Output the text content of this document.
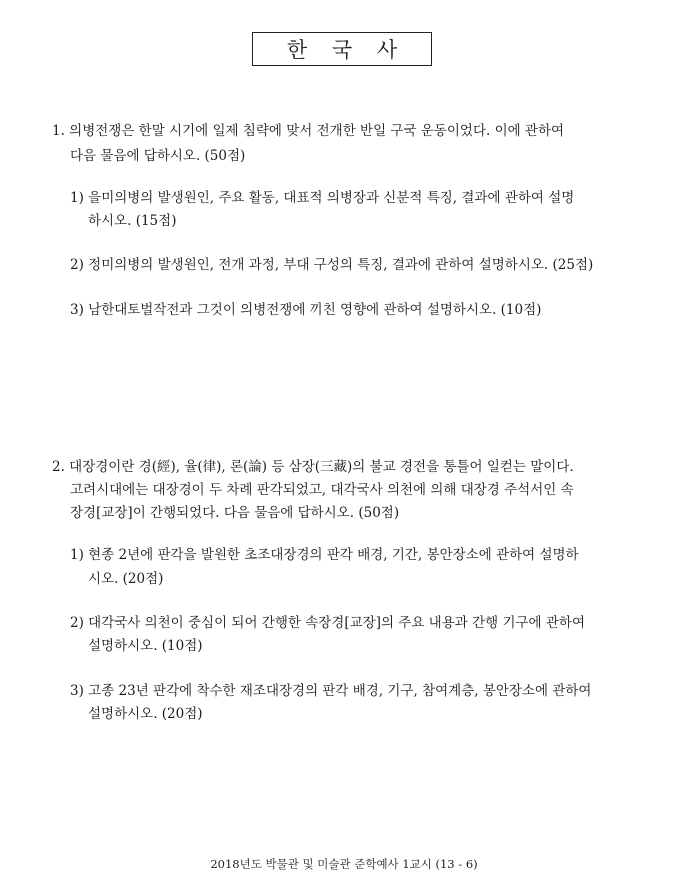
한 국 사
1. 의병전쟁은 한말 시기에 일제 침략에 맞서 전개한 반일 구국 운동이었다. 이에 관하여
다음 물음에 답하시오. (50점)
1) 을미의병의 발생원인, 주요 활동, 대표적 의병장과 신분적 특징, 결과에 관하여 설명
하시오. (15점)
2) 정미의병의 발생원인, 전개 과정, 부대 구성의 특징, 결과에 관하여 설명하시오. (25점)
3) 남한대토벌작전과 그것이 의병전쟁에 끼친 영향에 관하여 설명하시오. (10점)
2. 대장경이란 경(經), 율(律), 론(論) 등 삼장(三藏)의 불교 경전을 통틀어 일컫는 말이다.
고려시대에는 대장경이 두 차례 판각되었고, 대각국사 의천에 의해 대장경 주석서인 속
장경[교장]이 간행되었다. 다음 물음에 답하시오. (50점)
1) 현종 2년에 판각을 발원한 초조대장경의 판각 배경, 기간, 봉안장소에 관하여 설명하
시오. (20점)
2) 대각국사 의천이 중심이 되어 간행한 속장경[교장]의 주요 내용과 간행 기구에 관하여
설명하시오. (10점)
3) 고종 23년 판각에 착수한 재조대장경의 판각 배경, 기구, 참여계층, 봉안장소에 관하여
설명하시오. (20점)
2018년도 박물관 및 미술관 준학예사 1교시 (13 - 6)
